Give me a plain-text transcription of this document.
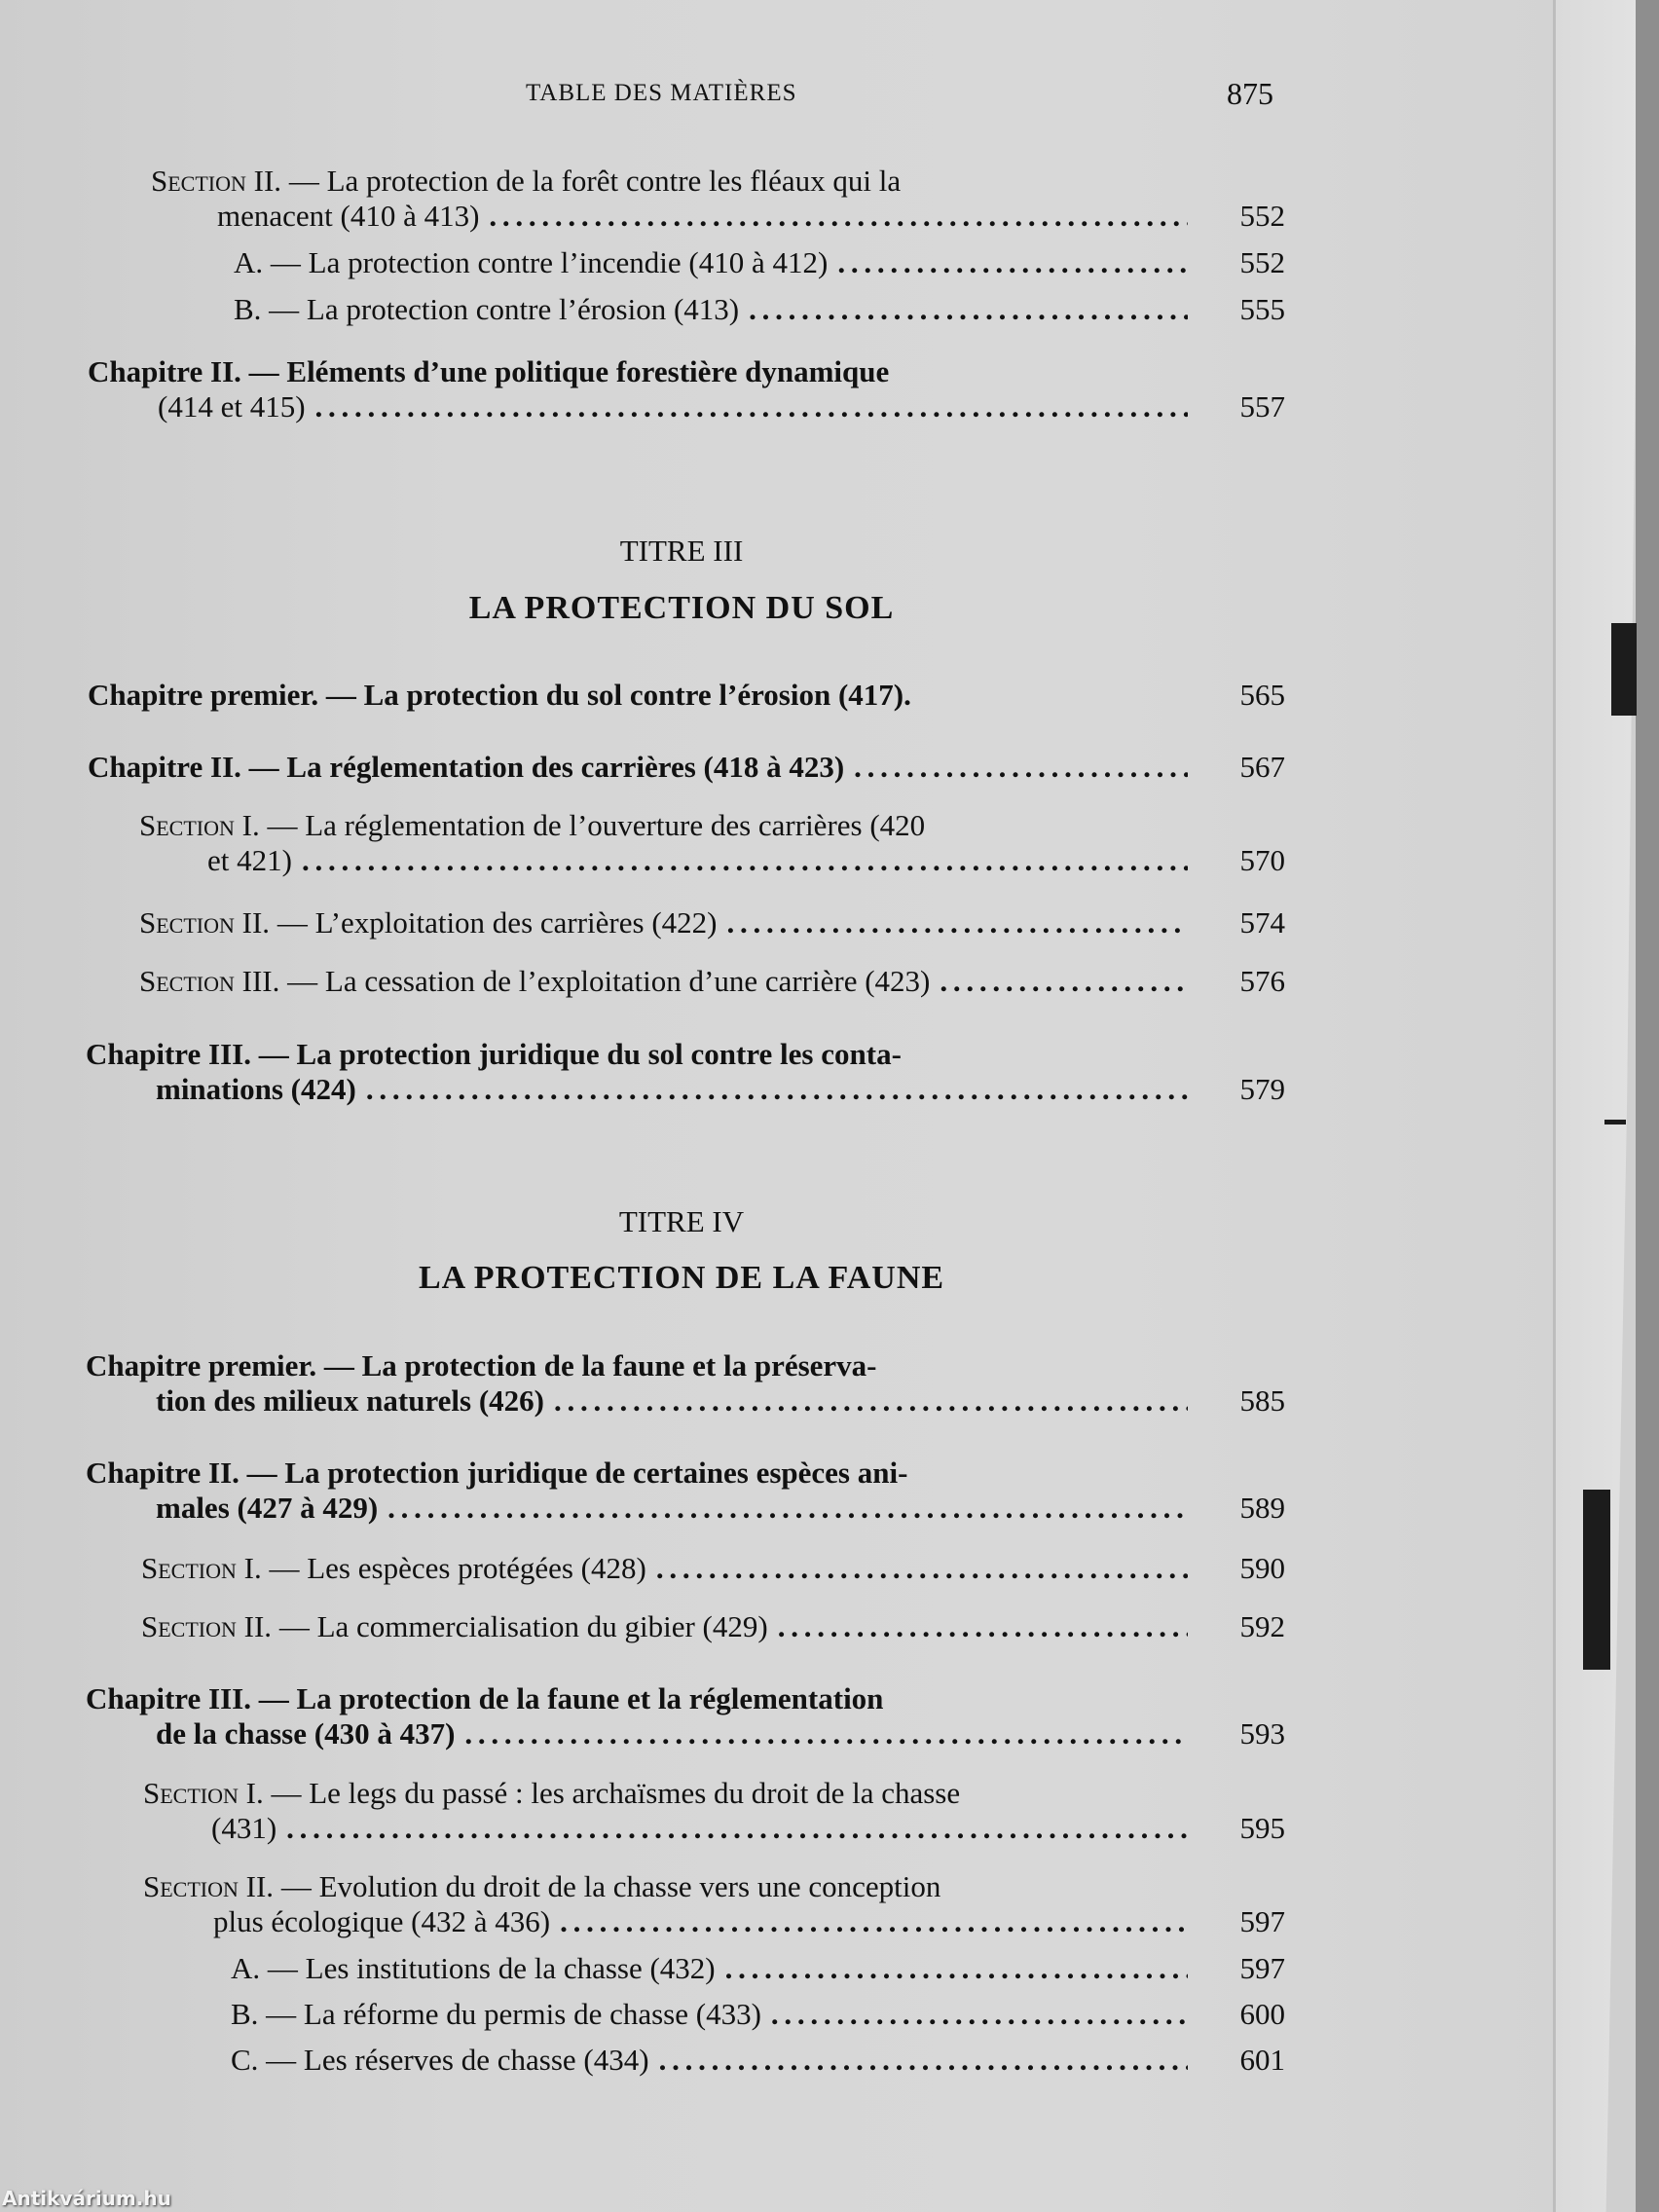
TABLE DES MATIÈRES	875
Section II. — La protection de la forêt contre les fléaux qui la
menacent (410 à 413) . . .	552
A. — La protection contre l’incendie (410 à 412) . . .	552
B. — La protection contre l’érosion (413) . . .	555
Chapitre II. — Eléments d’une politique forestière dynamique
(414 et 415) . . .	557
TITRE III
LA PROTECTION DU SOL
Chapitre premier. — La protection du sol contre l’érosion (417).	565
Chapitre II. — La réglementation des carrières (418 à 423) . . .	567
Section I. — La réglementation de l’ouverture des carrières (420
et 421) . . .	570
Section II. — L’exploitation des carrières (422) . . .	574
Section III. — La cessation de l’exploitation d’une carrière (423) . . .	576
Chapitre III. — La protection juridique du sol contre les conta-
minations (424) . . .	579
TITRE IV
LA PROTECTION DE LA FAUNE
Chapitre premier. — La protection de la faune et la préserva-
tion des milieux naturels (426) . . .	585
Chapitre II. — La protection juridique de certaines espèces ani-
males (427 à 429) . . .	589
Section I. — Les espèces protégées (428) . . .	590
Section II. — La commercialisation du gibier (429) . . .	592
Chapitre III. — La protection de la faune et la réglementation
de la chasse (430 à 437) . . .	593
Section I. — Le legs du passé : les archaïsmes du droit de la chasse
(431) . . .	595
Section II. — Evolution du droit de la chasse vers une conception
plus écologique (432 à 436) . . .	597
A. — Les institutions de la chasse (432) . . .	597
B. — La réforme du permis de chasse (433) . . .	600
C. — Les réserves de chasse (434) . . .	601
Antikvárium.hu
